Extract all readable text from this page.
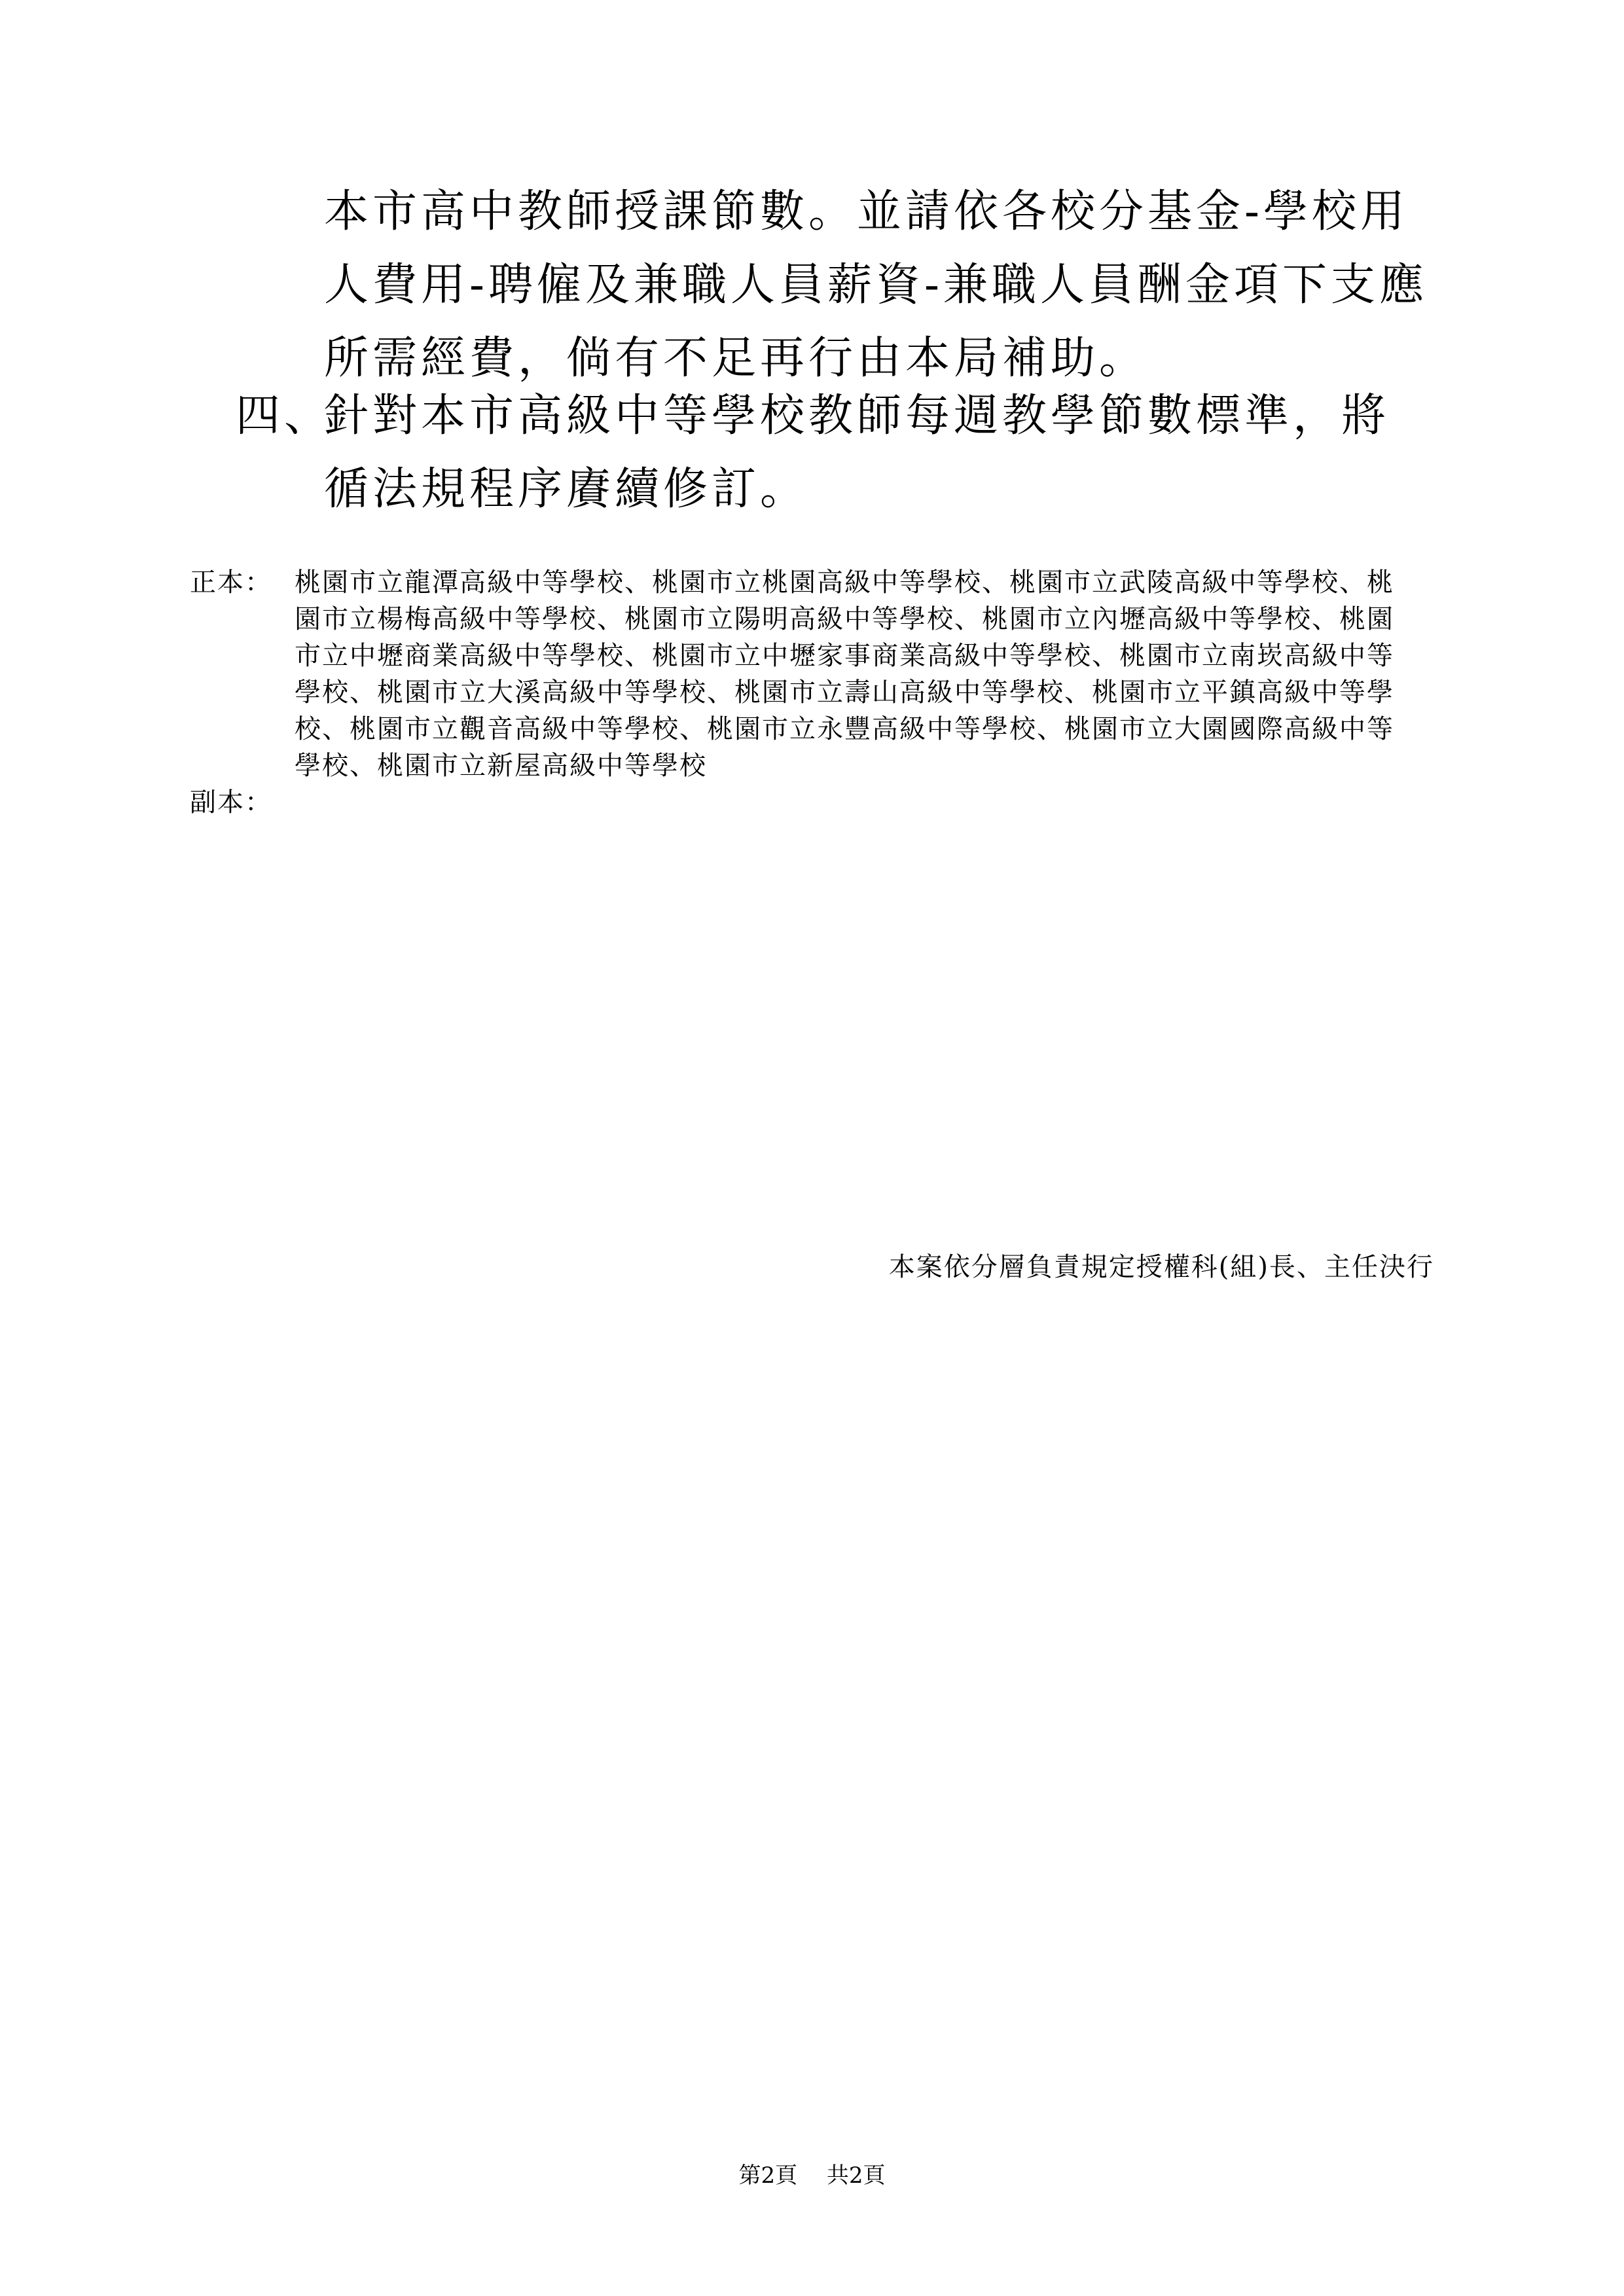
本市高中教師授課節數。並請依各校分基金-學校用人費用-聘僱及兼職人員薪資-兼職人員酬金項下支應所需經費，倘有不足再行由本局補助。

四、針對本市高級中等學校教師每週教學節數標準，將循法規程序賡續修訂。

正本： 桃園市立龍潭高級中等學校、桃園市立桃園高級中等學校、桃園市立武陵高級中等學校、桃園市立楊梅高級中等學校、桃園市立陽明高級中等學校、桃園市立內壢高級中等學校、桃園市立中壢商業高級中等學校、桃園市立中壢家事商業高級中等學校、桃園市立南崁高級中等學校、桃園市立大溪高級中等學校、桃園市立壽山高級中等學校、桃園市立平鎮高級中等學校、桃園市立觀音高級中等學校、桃園市立永豐高級中等學校、桃園市立大園國際高級中等學校、桃園市立新屋高級中等學校
副本：
本案依分層負責規定授權科(組)長、主任決行
第2頁　 共2頁
